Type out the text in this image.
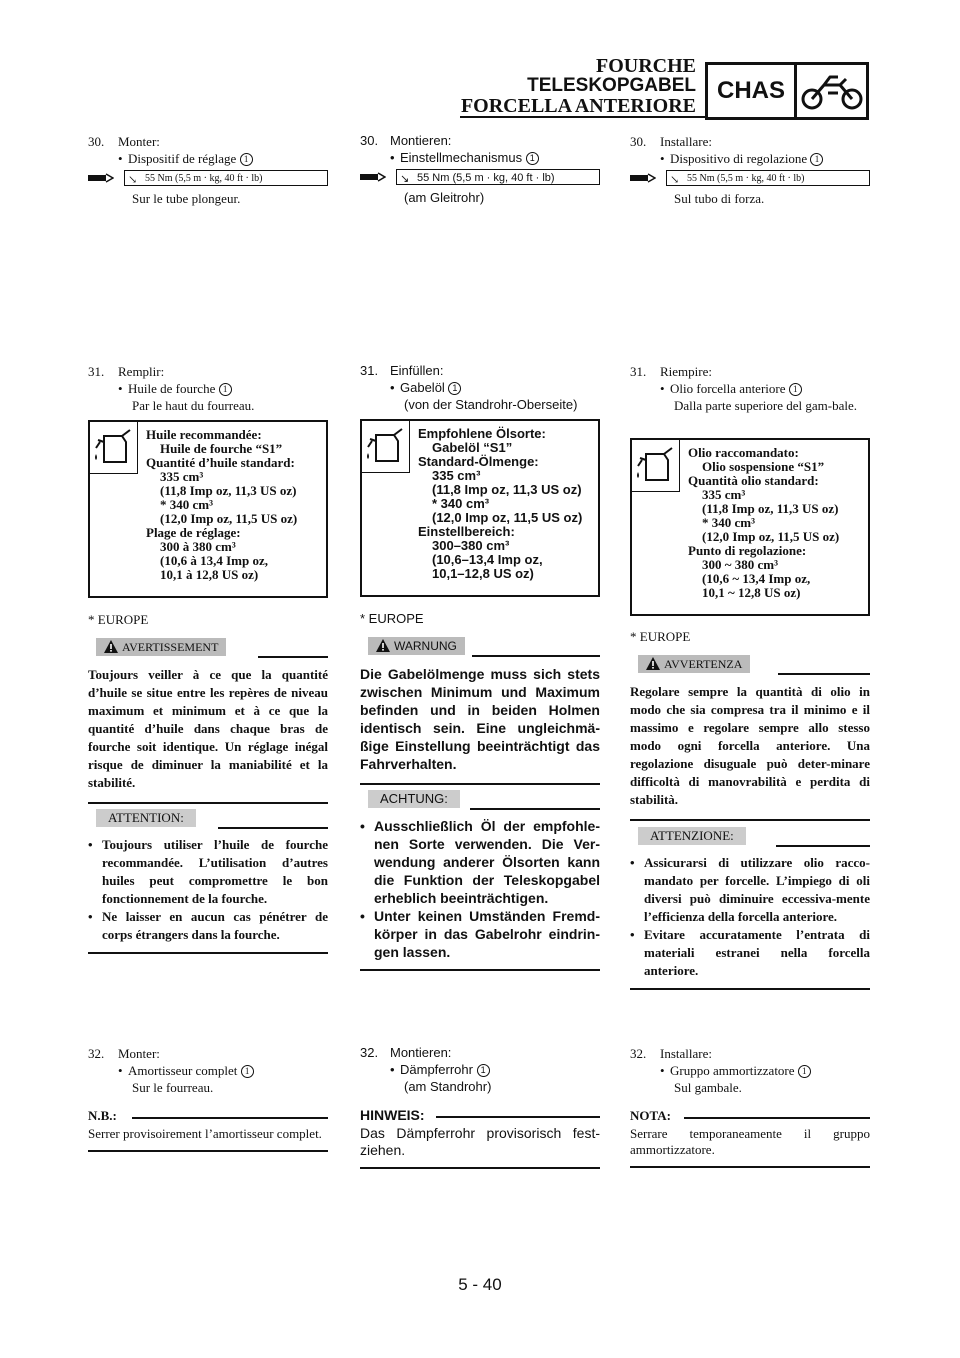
FOURCHE
TELESKOPGABEL
FORCELLA ANTERIORE
CHAS
30.	Monter:
• Dispositif de réglage 1
↘ 55 Nm (5,5 m · kg, 40 ft · lb)
Sur le tube plongeur.
31.	Remplir:
• Huile de fourche 1
Par le haut du fourreau.
Huile recommandée:
Huile de fourche “S1”
Quantité d’huile standard:
335 cm³
(11,8 Imp oz, 11,3 US oz)
* 340 cm³
(12,0 Imp oz, 11,5 US oz)
Plage de réglage:
300 à 380 cm³
(10,6 à 13,4 Imp oz,
10,1 à 12,8 US oz)
* EUROPE
AVERTISSEMENT
Toujours veiller à ce que la quantité d’huile se situe entre les repères de niveau maximum et minimum et à ce que la quantité d’huile dans chaque bras de fourche soit identique. Un réglage inégal risque de diminuer la maniabilité et la stabilité.
ATTENTION:
• Toujours utiliser l’huile de fourche recommandée. L’utilisation d’autres huiles peut compromettre le bon fonctionnement de la fourche.
• Ne laisser en aucun cas pénétrer de corps étrangers dans la fourche.
32.	Monter:
• Amortisseur complet 1
Sur le fourreau.
N.B.:
Serrer provisoirement l’amortisseur complet.
30. Montieren:
• Einstellmechanismus 1
↘ 55 Nm (5,5 m · kg, 40 ft · lb)
(am Gleitrohr)
31. Einfüllen:
• Gabelöl 1
(von der Standrohr-Oberseite)
Empfohlene Ölsorte:
Gabelöl “S1”
Standard-Ölmenge:
335 cm³
(11,8 Imp oz, 11,3 US oz)
* 340 cm³
(12,0 Imp oz, 11,5 US oz)
Einstellbereich:
300–380 cm³
(10,6–13,4 Imp oz,
10,1–12,8 US oz)
* EUROPE
WARNUNG
Die Gabelölmenge muss sich stets zwischen Minimum und Maximum befinden und in beiden Holmen identisch sein. Eine ungleichmä-ßige Einstellung beeinträchtigt das Fahrverhalten.
ACHTUNG:
• Ausschließlich Öl der empfohle-nen Sorte verwenden. Die Ver-wendung anderer Ölsorten kann die Funktion der Teleskopgabel erheblich beeinträchtigen.
• Unter keinen Umständen Fremd-körper in das Gabelrohr eindrin-gen lassen.
32. Montieren:
• Dämpferrohr 1
(am Standrohr)
HINWEIS:
Das Dämpferrohr provisorisch fest-ziehen.
30.	Installare:
• Dispositivo di regolazione 1
↘ 55 Nm (5,5 m · kg, 40 ft · lb)
Sul tubo di forza.
31.	Riempire:
• Olio forcella anteriore 1
Dalla parte superiore del gam-bale.
Olio raccomandato:
Olio sospensione “S1”
Quantità olio standard:
335 cm³
(11,8 Imp oz, 11,3 US oz)
* 340 cm³
(12,0 Imp oz, 11,5 US oz)
Punto di regolazione:
300 ~ 380 cm³
(10,6 ~ 13,4 Imp oz,
10,1 ~ 12,8 US oz)
* EUROPE
AVVERTENZA
Regolare sempre la quantità di olio in modo che sia compresa tra il minimo e il massimo e regolare sempre allo stesso modo ogni forcella anteriore. Una regolazione disuguale può deter-minare difficoltà di manovrabilità e perdita di stabilità.
ATTENZIONE:
• Assicurarsi di utilizzare olio racco-mandato per forcelle. L’impiego di oli diversi può diminuire eccessiva-mente l’efficienza della forcella anteriore.
• Evitare accuratamente l’entrata di materiali estranei nella forcella anteriore.
32.	Installare:
• Gruppo ammortizzatore 1
Sul gambale.
NOTA:
Serrare temporaneamente il gruppo ammortizzatore.
5 - 40
